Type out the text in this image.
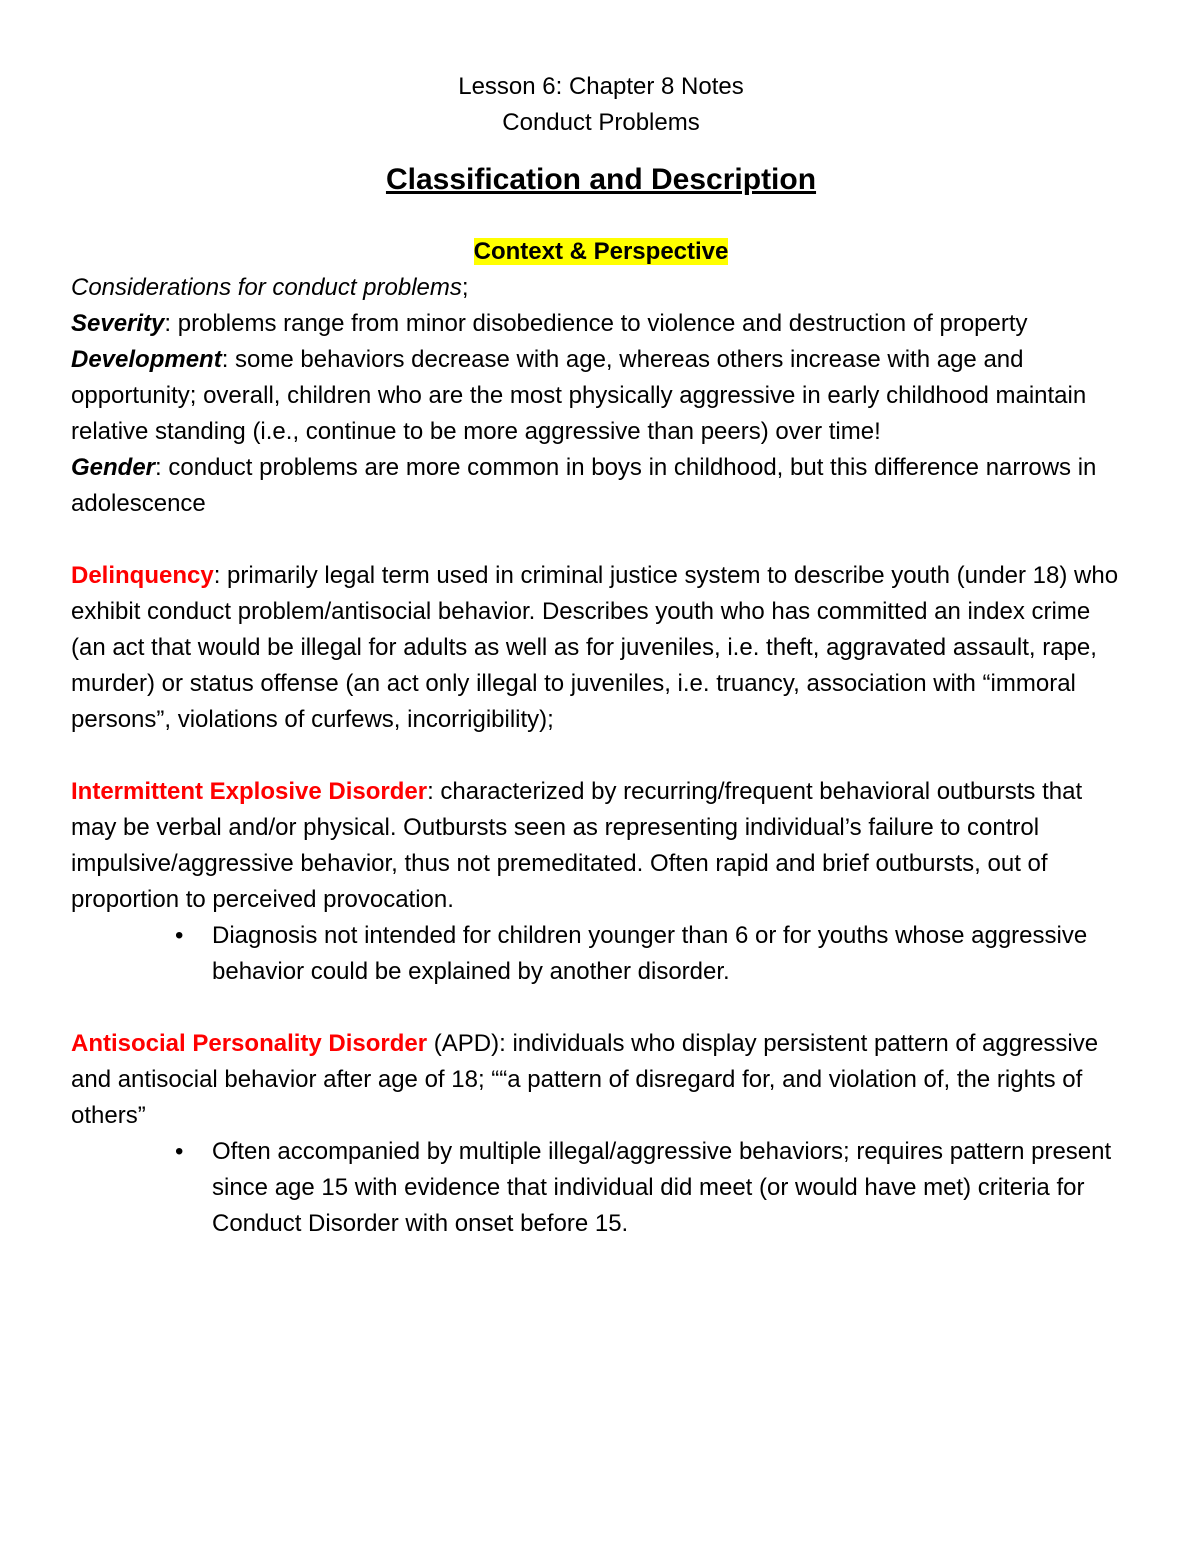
Lesson 6: Chapter 8 Notes

Conduct Problems

Classification and Description

Context & Perspective

Considerations for conduct problems;

Severity: problems range from minor disobedience to violence and destruction of property

Development: some behaviors decrease with age, whereas others increase with age and opportunity; overall, children who are the most physically aggressive in early childhood maintain relative standing (i.e., continue to be more aggressive than peers) over time!

Gender: conduct problems are more common in boys in childhood, but this difference narrows in adolescence

Delinquency: primarily legal term used in criminal justice system to describe youth (under 18) who exhibit conduct problem/antisocial behavior. Describes youth who has committed an index crime (an act that would be illegal for adults as well as for juveniles, i.e. theft, aggravated assault, rape, murder) or status offense (an act only illegal to juveniles, i.e. truancy, association with “immoral persons”, violations of curfews, incorrigibility);

Intermittent Explosive Disorder: characterized by recurring/frequent behavioral outbursts that may be verbal and/or physical. Outbursts seen as representing individual’s failure to control impulsive/aggressive behavior, thus not premeditated. Often rapid and brief outbursts, out of proportion to perceived provocation.

• Diagnosis not intended for children younger than 6 or for youths whose aggressive behavior could be explained by another disorder.

Antisocial Personality Disorder (APD): individuals who display persistent pattern of aggressive and antisocial behavior after age of 18; ““a pattern of disregard for, and violation of, the rights of others”

• Often accompanied by multiple illegal/aggressive behaviors; requires pattern present since age 15 with evidence that individual did meet (or would have met) criteria for Conduct Disorder with onset before 15.
